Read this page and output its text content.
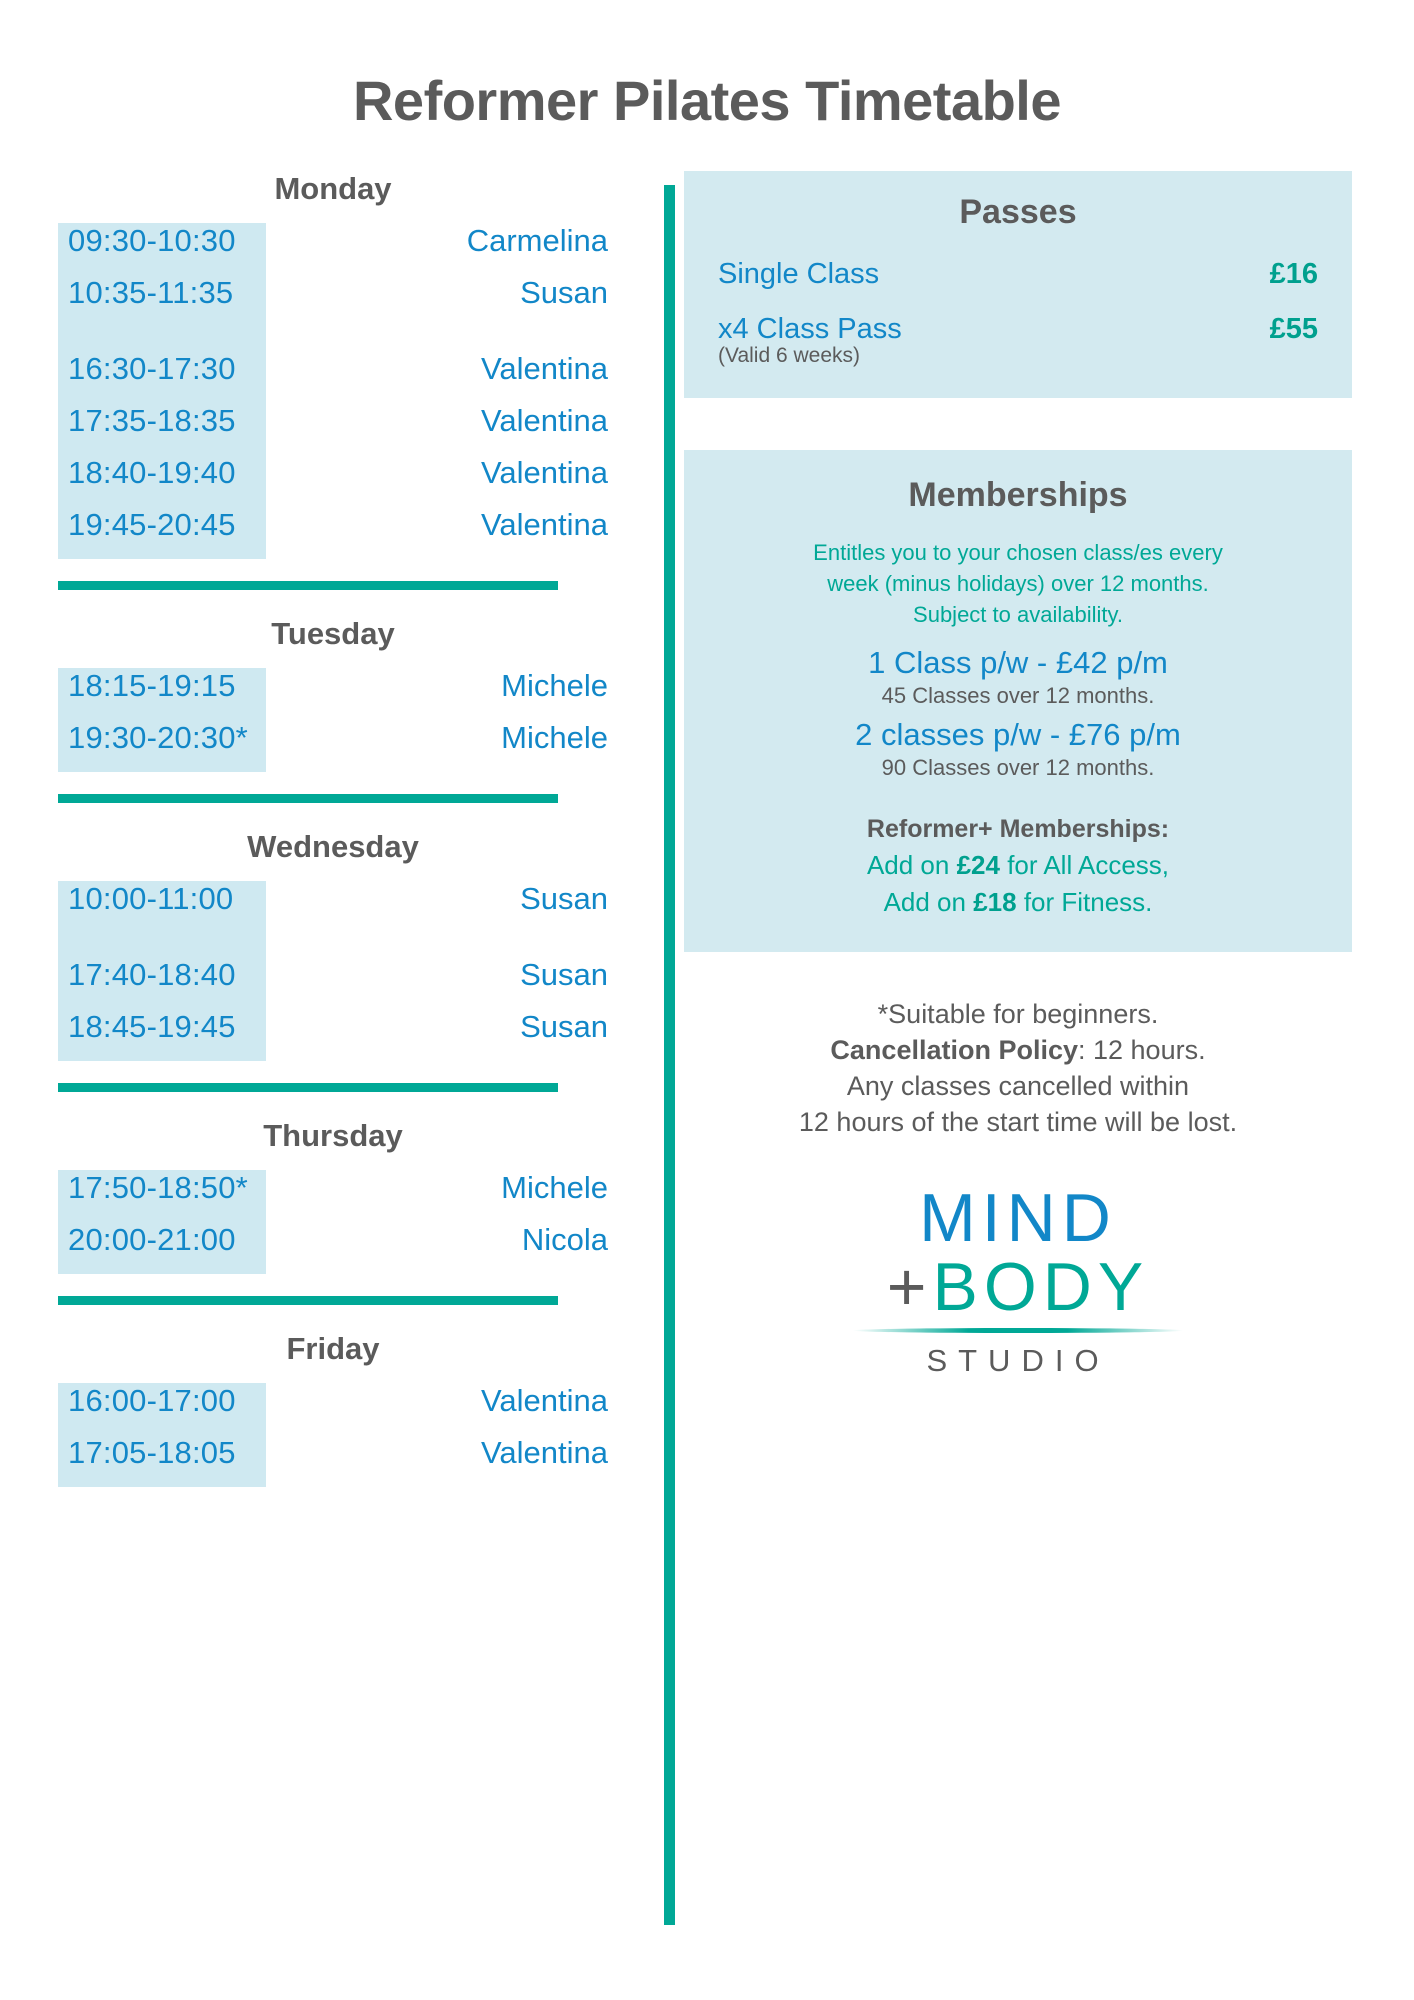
Reformer Pilates Timetable
Monday
09:30-10:30	Carmelina
10:35-11:35	Susan
16:30-17:30	Valentina
17:35-18:35	Valentina
18:40-19:40	Valentina
19:45-20:45	Valentina
Tuesday
18:15-19:15	Michele
19:30-20:30*	Michele
Wednesday
10:00-11:00	Susan
17:40-18:40	Susan
18:45-19:45	Susan
Thursday
17:50-18:50*	Michele
20:00-21:00	Nicola
Friday
16:00-17:00	Valentina
17:05-18:05	Valentina
Passes
Single Class	£16
x4 Class Pass	£55
(Valid 6 weeks)
Memberships
Entitles you to your chosen class/es every
week (minus holidays) over 12 months.
Subject to availability.
1 Class p/w - £42 p/m
45 Classes over 12 months.
2 classes p/w - £76 p/m
90 Classes over 12 months.
Reformer+ Memberships:
Add on £24 for All Access,
Add on £18 for Fitness.
*Suitable for beginners.
Cancellation Policy: 12 hours.
Any classes cancelled within
12 hours of the start time will be lost.
MIND
+BODY
STUDIO
